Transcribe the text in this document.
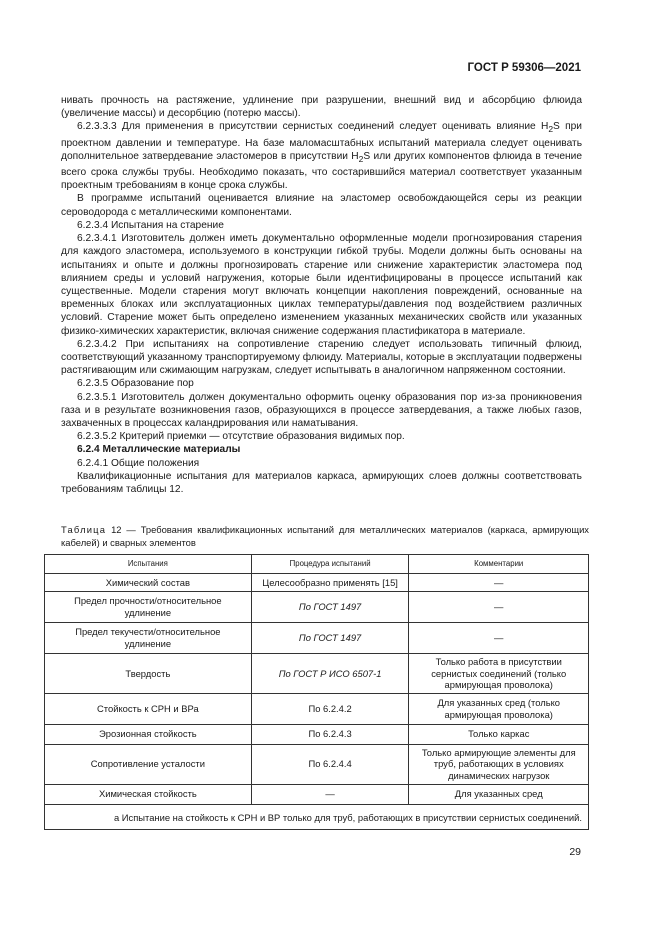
ГОСТ Р 59306—2021

нивать прочность на растяжение, удлинение при разрушении, внешний вид и абсорбцию флюида (увеличение массы) и десорбцию (потерю массы).

6.2.3.3.3 Для применения в присутствии сернистых соединений следует оценивать влияние $H_2S$ при проектном давлении и температуре. На базе маломасштабных испытаний материала следует оценивать дополнительное затвердевание эластомеров в присутствии $H_2S$ или других компонентов флюида в течение всего срока службы трубы. Необходимо показать, что состарившийся материал соответствует указанным проектным требованиям в конце срока службы.

В программе испытаний оценивается влияние на эластомер освобождающейся серы из реакции сероводорода с металлическими компонентами.

6.2.3.4 Испытания на старение

6.2.3.4.1 Изготовитель должен иметь документально оформленные модели прогнозирования старения для каждого эластомера, используемого в конструкции гибкой трубы. Модели должны быть основаны на испытаниях и опыте и должны прогнозировать старение или снижение характеристик эластомера под влиянием среды и условий нагружения, которые были идентифицированы в процессе испытаний как существенные. Модели старения могут включать концепции накопления повреждений, основанные на временных блоках или эксплуатационных циклах температуры/давления под воздействием различных условий. Старение может быть определено изменением указанных механических свойств или указанных физико-химических характеристик, включая снижение содержания пластификатора в материале.

6.2.3.4.2 При испытаниях на сопротивление старению следует использовать типичный флюид, соответствующий указанному транспортируемому флюиду. Материалы, которые в эксплуатации подвержены растягивающим или сжимающим нагрузкам, следует испытывать в аналогичном напряженном состоянии.

6.2.3.5 Образование пор

6.2.3.5.1 Изготовитель должен документально оформить оценку образования пор из-за проникновения газа и в результате возникновения газов, образующихся в процессе затвердевания, а также любых газов, захваченных в процессах каландрирования или наматывания.

6.2.3.5.2 Критерий приемки — отсутствие образования видимых пор.

6.2.4 Металлические материалы

6.2.4.1 Общие положения

Квалификационные испытания для материалов каркаса, армирующих слоев должны соответствовать требованиям таблицы 12.

Таблица 12 — Требования квалификационных испытаний для металлических материалов (каркаса, армирующих кабелей) и сварных элементов
Испытания	Процедура испытаний	Комментарии
Химический состав	Целесообразно применять [15]	—
Предел прочности/относительное удлинение	По ГОСТ 1497	—
Предел текучести/относительное удлинение	По ГОСТ 1497	—
Твердость	По ГОСТ Р ИСО 6507-1	Только работа в присутствии сернистых соединений (только армирующая проволока)
Стойкость к СРН и ВРа	По 6.2.4.2	Для указанных сред (только армирующая проволока)
Эрозионная стойкость	По 6.2.4.3	Только каркас
Сопротивление усталости	По 6.2.4.4	Только армирующие элементы для труб, работающих в условиях динамических нагрузок
Химическая стойкость	—	Для указанных сред
а Испытание на стойкость к СРН и ВР только для труб, работающих в присутствии сернистых соединений.		
29
